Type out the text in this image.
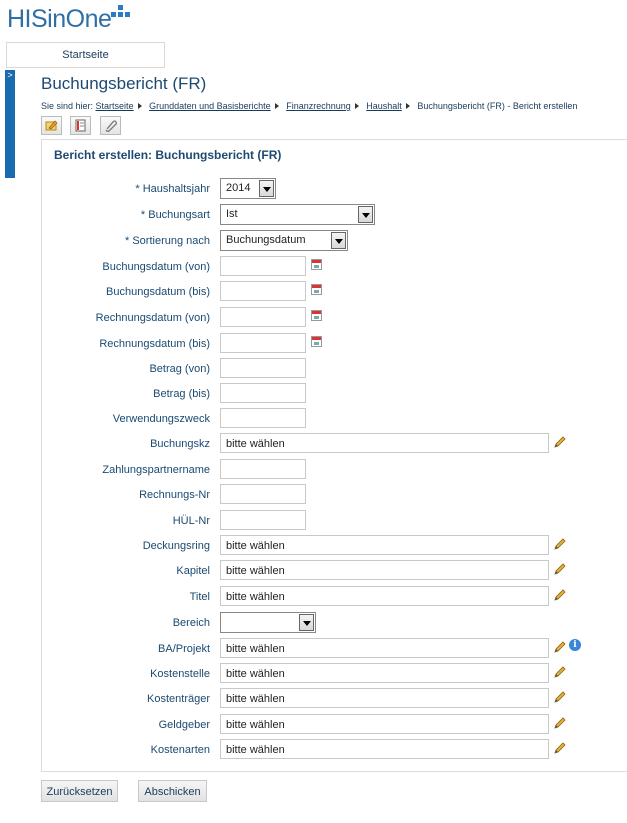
HISinOne
Startseite
> Buchungsbericht (FR)
Sie sind hier: Startseite Grunddaten und Basisberichte Finanzrechnung Haushalt Buchungsbericht (FR) - Bericht erstellen

Bericht erstellen: Buchungsbericht (FR)
* Haushaltsjahr	2014
* Buchungsart	Ist
* Sortierung nach	Buchungsdatum
Buchungsdatum (von)
Buchungsdatum (bis)
Rechnungsdatum (von)
Rechnungsdatum (bis)
Betrag (von)
Betrag (bis)
Verwendungszweck
Buchungskz	bitte wählen
Zahlungspartnername
Rechnungs-Nr
HÜL-Nr
Deckungsring	bitte wählen
Kapitel	bitte wählen
Titel	bitte wählen
Bereich
BA/Projekt	bitte wählen	i
Kostenstelle	bitte wählen
Kostenträger	bitte wählen
Geldgeber	bitte wählen
Kostenarten	bitte wählen
Zurücksetzen	Abschicken
